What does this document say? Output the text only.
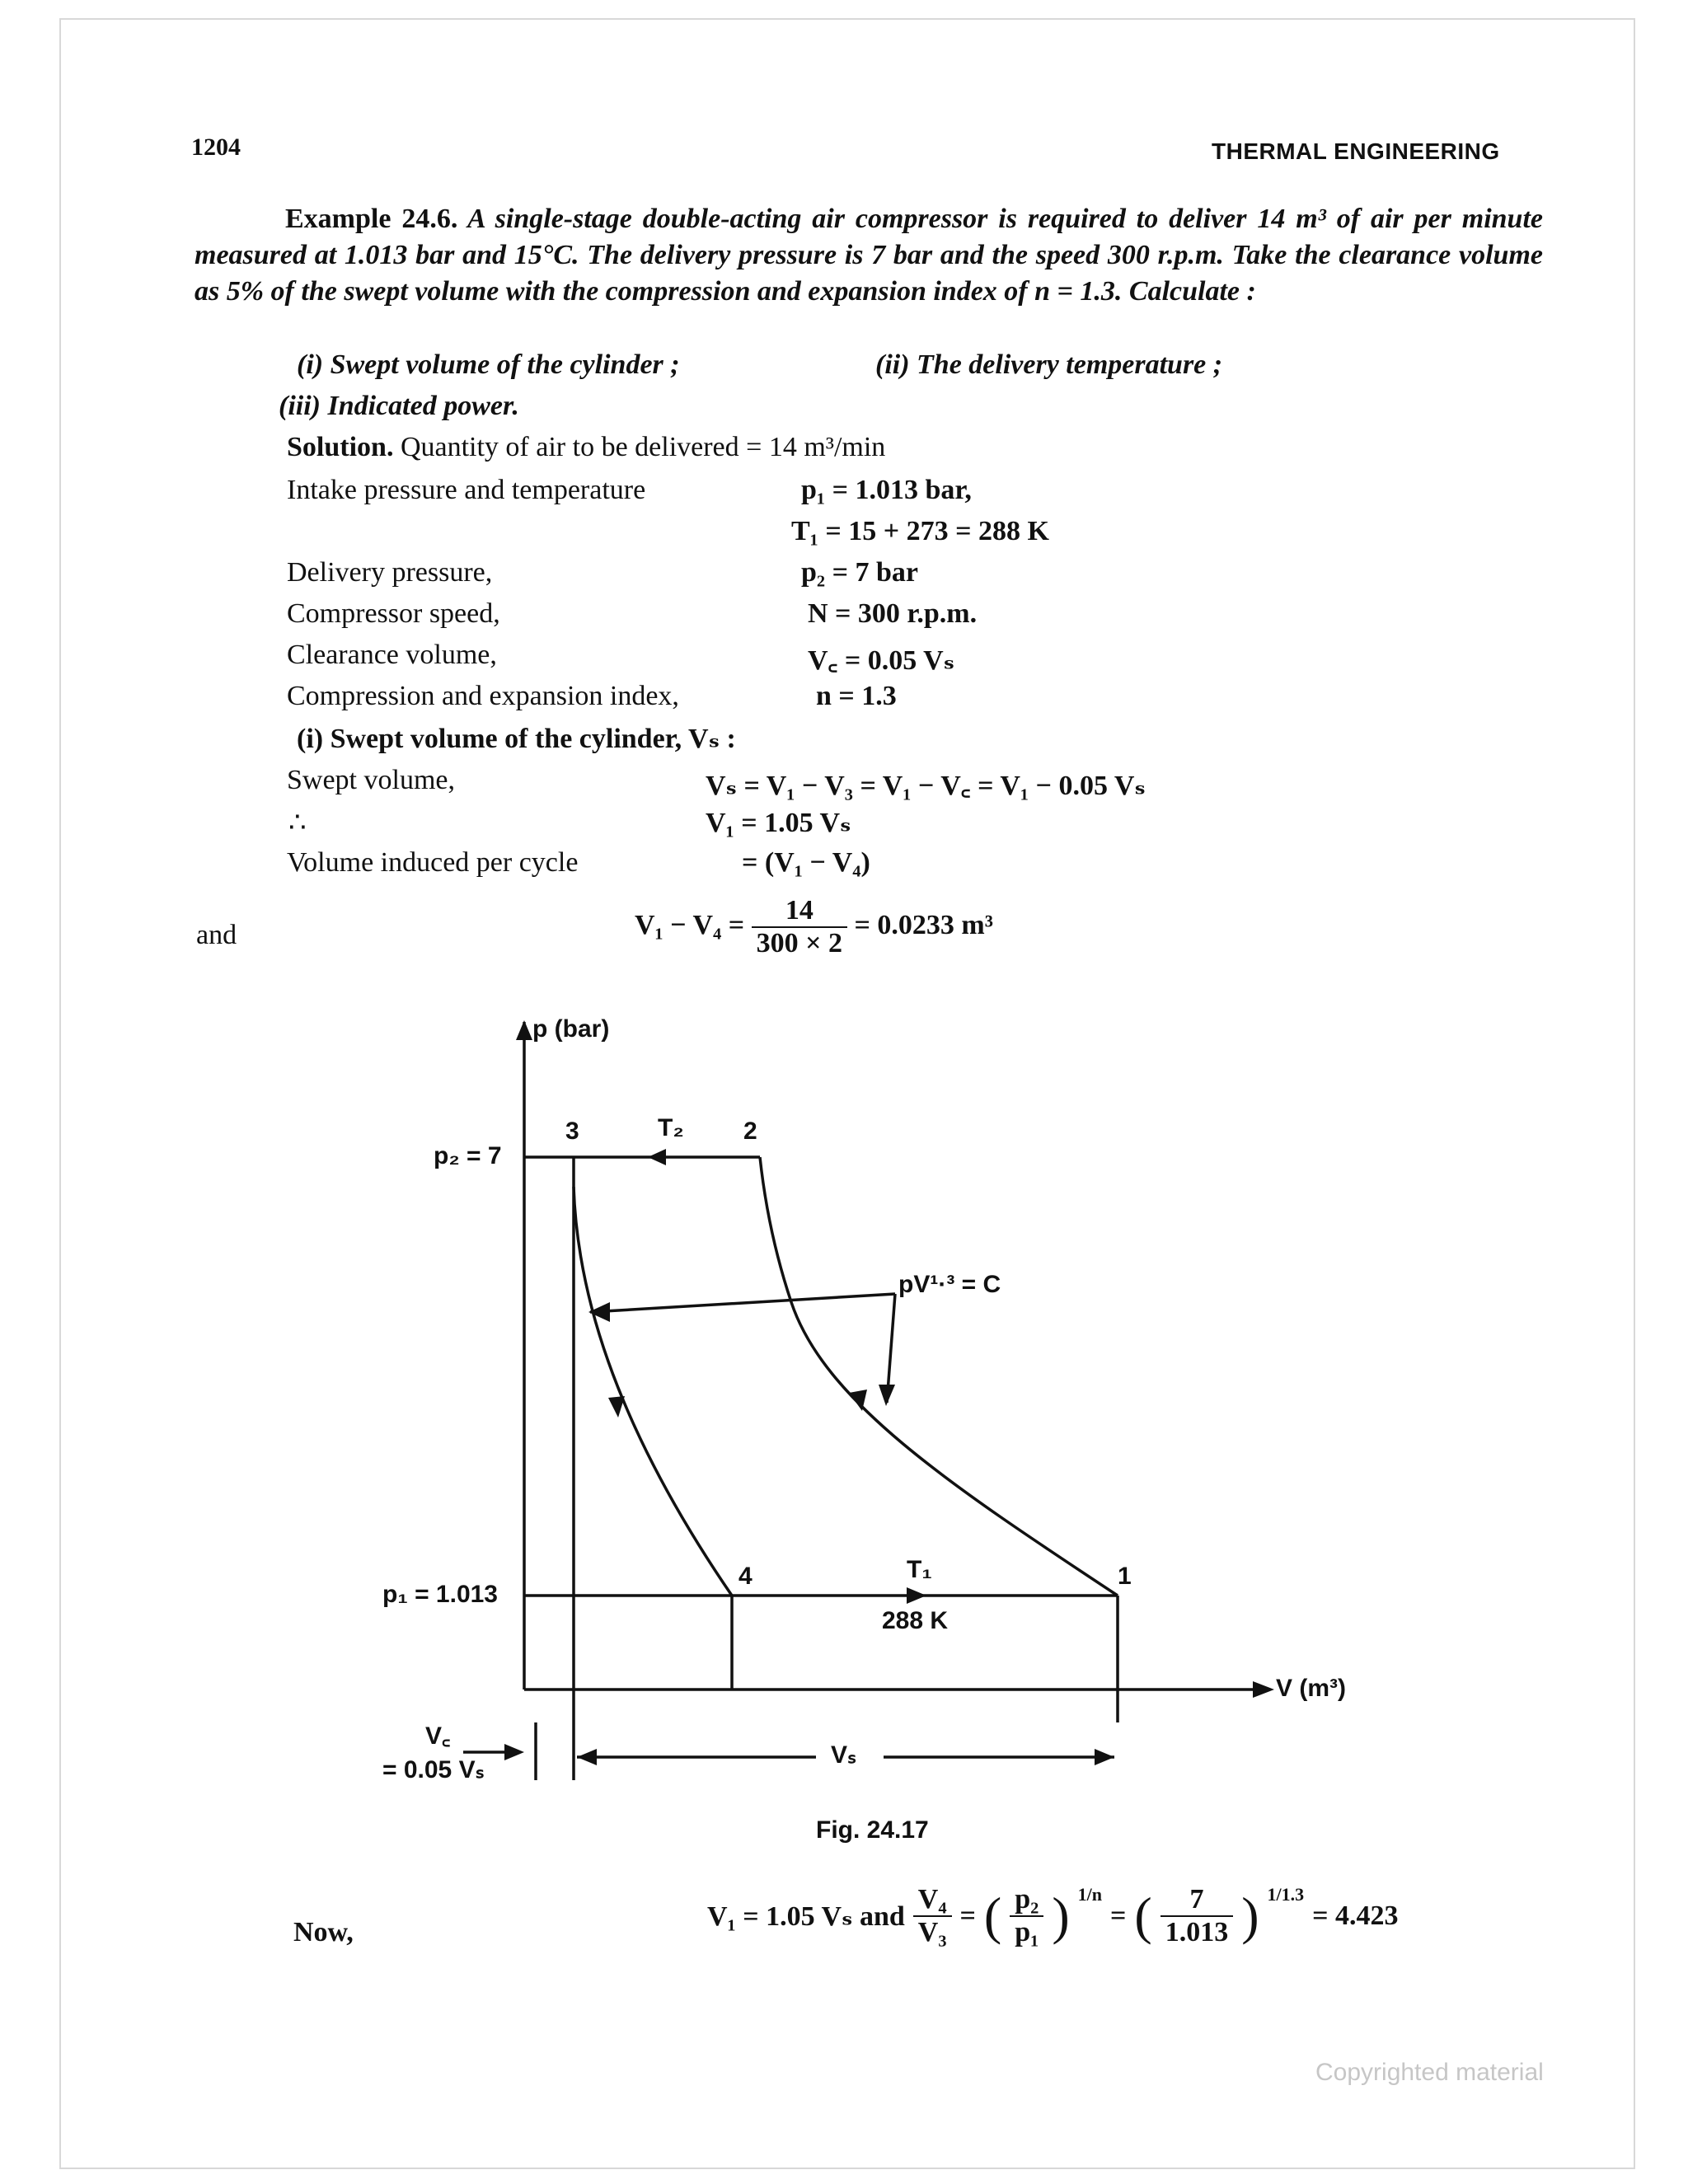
1204	THERMAL ENGINEERING
Example 24.6. A single-stage double-acting air compressor is required to deliver 14 m³ of air per minute measured at 1.013 bar and 15°C. The delivery pressure is 7 bar and the speed 300 r.p.m. Take the clearance volume as 5% of the swept volume with the compression and expansion index of n = 1.3. Calculate :
(i) Swept volume of the cylinder ;	(ii) The delivery temperature ;
(iii) Indicated power.
Solution. Quantity of air to be delivered = 14 m³/min
Intake pressure and temperature	p₁ = 1.013 bar,
T₁ = 15 + 273 = 288 K
Delivery pressure,	p₂ = 7 bar
Compressor speed,	N = 300 r.p.m.
Clearance volume,	V꜀ = 0.05 Vₛ
Compression and expansion index,	n = 1.3
(i) Swept volume of the cylinder, Vₛ :
Swept volume,	Vₛ = V₁ − V₃ = V₁ − V꜀ = V₁ − 0.05 Vₛ
∴	V₁ = 1.05 Vₛ
Volume induced per cycle	= (V₁ − V₄)
and	$V_1 - V_4 = \frac{14}{300 \times 2} = 0.0233$ m³
p (bar)
V (m³)
p₂ = 7
p₁ = 1.013
3	2
1
4
T₂
T₁
288 K
pV¹·³ = C
V꜀
= 0.05 Vₛ
Vₛ
Fig. 24.17
Now,
V₁ = 1.05 Vₛ and $\frac{\text{V₄}}{\text{V₃}}$ = ( $\frac{\text{p₂}}{\text{p₁}}$ ) $^{1/n}$
= ( $\frac{7}{1.013}$ ) $^{1/1.3}$
= 4.423
Copyrighted material
